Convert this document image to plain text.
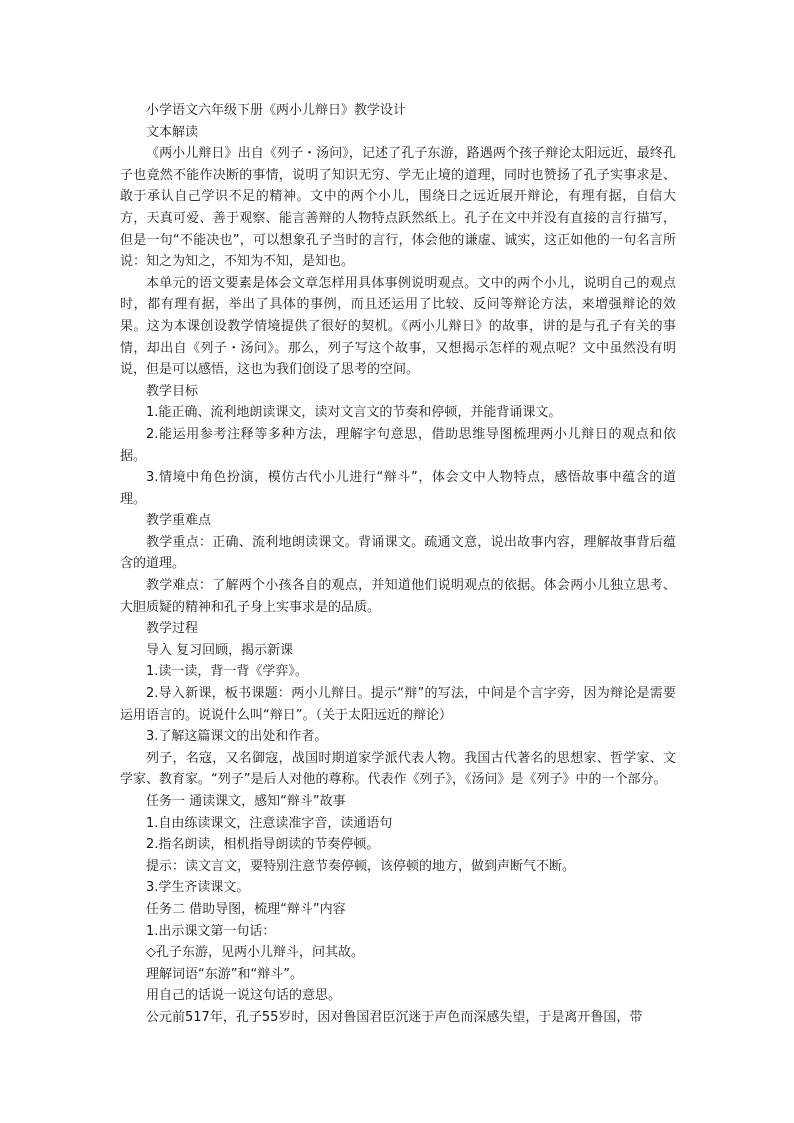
小学语文六年级下册《两小儿辩日》教学设计

文本解读

《两小儿辩日》出自《列子・汤问》，记述了孔子东游，路遇两个孩子辩论太阳远近，最终孔子也竟然不能作决断的事情，说明了知识无穷、学无止境的道理，同时也赞扬了孔子实事求是、敢于承认自己学识不足的精神。文中的两个小儿，围绕日之远近展开辩论，有理有据，自信大方，天真可爱、善于观察、能言善辩的人物特点跃然纸上。孔子在文中并没有直接的言行描写，但是一句“不能决也”，可以想象孔子当时的言行，体会他的谦虚、诚实，这正如他的一句名言所说：知之为知之，不知为不知，是知也。

本单元的语文要素是体会文章怎样用具体事例说明观点。文中的两个小儿，说明自己的观点时，都有理有据，举出了具体的事例，而且还运用了比较、反问等辩论方法，来增强辩论的效果。这为本课创设教学情境提供了很好的契机。《两小儿辩日》的故事，讲的是与孔子有关的事情，却出自《列子・汤问》。那么，列子写这个故事，又想揭示怎样的观点呢？文中虽然没有明说，但是可以感悟，这也为我们创设了思考的空间。

教学目标

1.能正确、流利地朗读课文，读对文言文的节奏和停顿，并能背诵课文。

2.能运用参考注释等多种方法，理解字句意思，借助思维导图梳理两小儿辩日的观点和依据。

3.情境中角色扮演，模仿古代小儿进行“辩斗”，体会文中人物特点，感悟故事中蕴含的道理。

教学重难点

教学重点：正确、流利地朗读课文。背诵课文。疏通文意，说出故事内容，理解故事背后蕴含的道理。

教学难点：了解两个小孩各自的观点，并知道他们说明观点的依据。体会两小儿独立思考、大胆质疑的精神和孔子身上实事求是的品质。

教学过程

导入 复习回顾，揭示新课

1.读一读，背一背《学弈》。

2.导入新课，板书课题：两小儿辩日。提示“辩”的写法，中间是个言字旁，因为辩论是需要运用语言的。说说什么叫“辩日”。（关于太阳远近的辩论）

3.了解这篇课文的出处和作者。

列子，名寇，又名御寇，战国时期道家学派代表人物。我国古代著名的思想家、哲学家、文学家、教育家。“列子”是后人对他的尊称。代表作《列子》，《汤问》是《列子》中的一个部分。

任务一 通读课文，感知“辩斗”故事

1.自由练读课文，注意读准字音，读通语句

2.指名朗读，相机指导朗读的节奏停顿。

提示：读文言文，要特别注意节奏停顿，该停顿的地方，做到声断气不断。

3.学生齐读课文。

任务二 借助导图，梳理“辩斗”内容

1.出示课文第一句话：

◇孔子东游，见两小儿辩斗，问其故。

理解词语“东游”和“辩斗”。

用自己的话说一说这句话的意思。

公元前517年，孔子55岁时，因对鲁国君臣沉迷于声色而深感失望，于是离开鲁国，带
